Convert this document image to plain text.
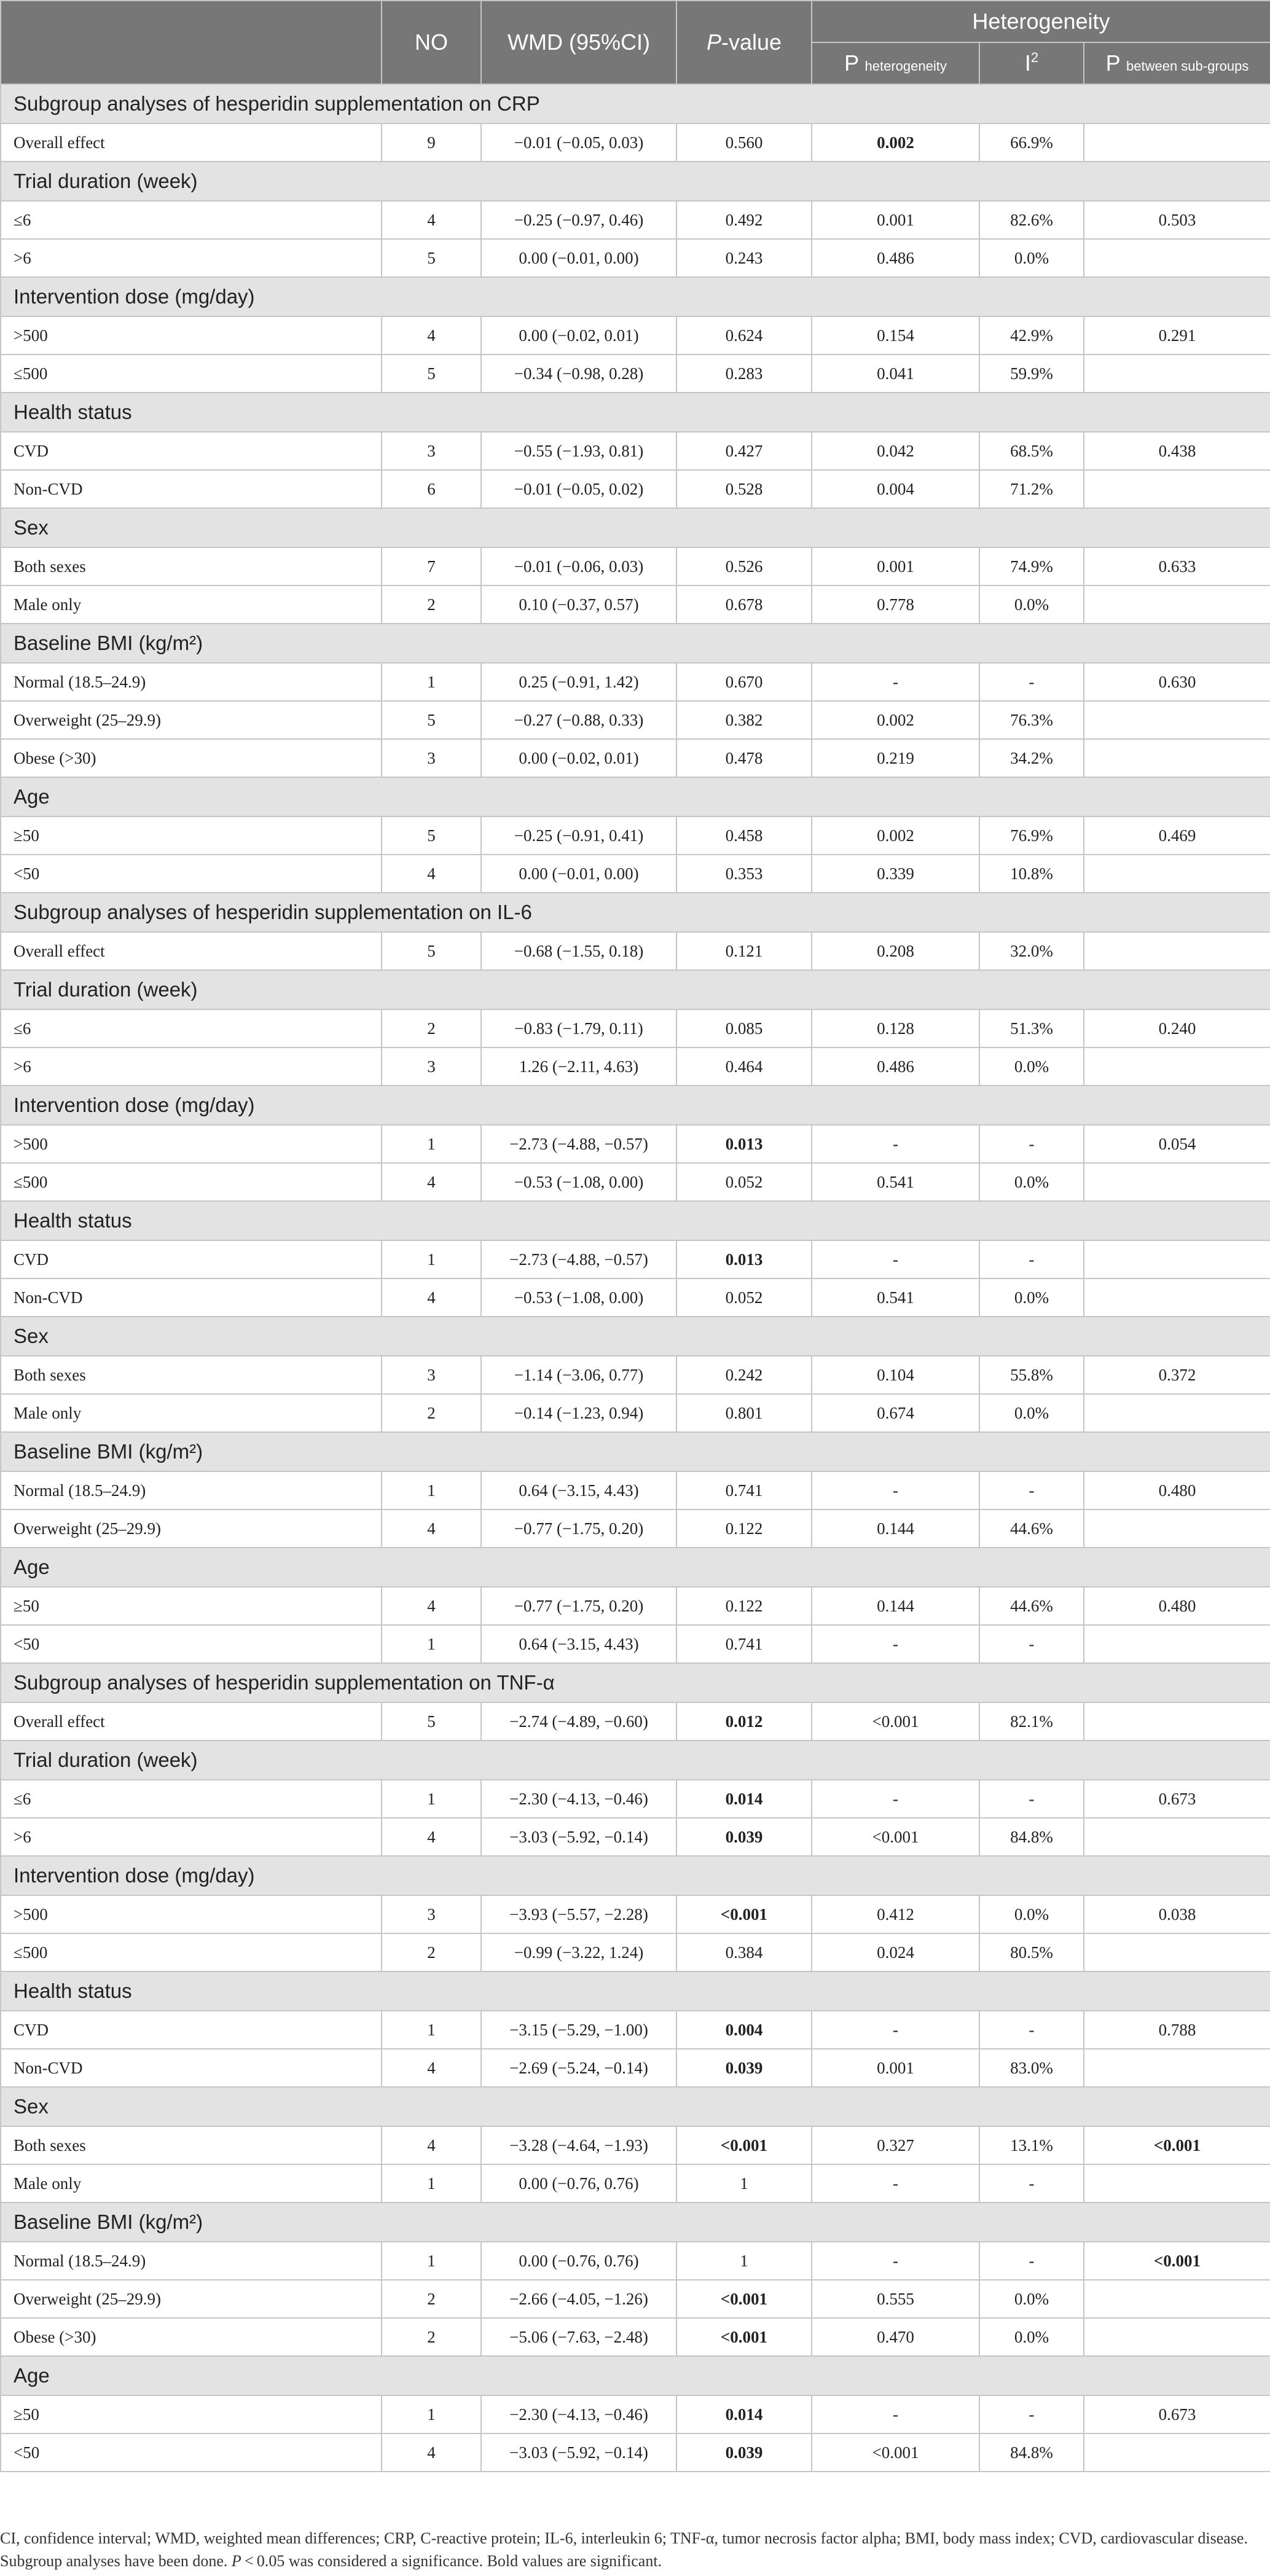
	NO	WMD (95%CI)	P-value	Heterogeneity		
				P heterogeneity	$I^2$	P between sub-groups
Subgroup analyses of hesperidin supplementation on CRP						
Overall effect	9	−0.01 (−0.05, 0.03)	0.560	0.002	66.9%	
Trial duration (week)						
≤6	4	−0.25 (−0.97, 0.46)	0.492	0.001	82.6%	0.503
>6	5	0.00 (−0.01, 0.00)	0.243	0.486	0.0%	
Intervention dose (mg/day)						
>500	4	0.00 (−0.02, 0.01)	0.624	0.154	42.9%	0.291
≤500	5	−0.34 (−0.98, 0.28)	0.283	0.041	59.9%	
Health status						
CVD	3	−0.55 (−1.93, 0.81)	0.427	0.042	68.5%	0.438
Non-CVD	6	−0.01 (−0.05, 0.02)	0.528	0.004	71.2%	
Sex						
Both sexes	7	−0.01 (−0.06, 0.03)	0.526	0.001	74.9%	0.633
Male only	2	0.10 (−0.37, 0.57)	0.678	0.778	0.0%	
Baseline BMI (kg/m²)						
Normal (18.5–24.9)	1	0.25 (−0.91, 1.42)	0.670	-	-	0.630
Overweight (25–29.9)	5	−0.27 (−0.88, 0.33)	0.382	0.002	76.3%	
Obese (>30)	3	0.00 (−0.02, 0.01)	0.478	0.219	34.2%	
Age						
≥50	5	−0.25 (−0.91, 0.41)	0.458	0.002	76.9%	0.469
<50	4	0.00 (−0.01, 0.00)	0.353	0.339	10.8%	
Subgroup analyses of hesperidin supplementation on IL-6						
Overall effect	5	−0.68 (−1.55, 0.18)	0.121	0.208	32.0%	
Trial duration (week)						
≤6	2	−0.83 (−1.79, 0.11)	0.085	0.128	51.3%	0.240
>6	3	1.26 (−2.11, 4.63)	0.464	0.486	0.0%	
Intervention dose (mg/day)						
>500	1	−2.73 (−4.88, −0.57)	0.013	-	-	0.054
≤500	4	−0.53 (−1.08, 0.00)	0.052	0.541	0.0%	
Health status						
CVD	1	−2.73 (−4.88, −0.57)	0.013	-	-	
Non-CVD	4	−0.53 (−1.08, 0.00)	0.052	0.541	0.0%	
Sex						
Both sexes	3	−1.14 (−3.06, 0.77)	0.242	0.104	55.8%	0.372
Male only	2	−0.14 (−1.23, 0.94)	0.801	0.674	0.0%	
Baseline BMI (kg/m²)						
Normal (18.5–24.9)	1	0.64 (−3.15, 4.43)	0.741	-	-	0.480
Overweight (25–29.9)	4	−0.77 (−1.75, 0.20)	0.122	0.144	44.6%	
Age						
≥50	4	−0.77 (−1.75, 0.20)	0.122	0.144	44.6%	0.480
<50	1	0.64 (−3.15, 4.43)	0.741	-	-	
Subgroup analyses of hesperidin supplementation on TNF-α						
Overall effect	5	−2.74 (−4.89, −0.60)	0.012	<0.001	82.1%	
Trial duration (week)						
≤6	1	−2.30 (−4.13, −0.46)	0.014	-	-	0.673
>6	4	−3.03 (−5.92, −0.14)	0.039	<0.001	84.8%	
Intervention dose (mg/day)						
>500	3	−3.93 (−5.57, −2.28)	<0.001	0.412	0.0%	0.038
≤500	2	−0.99 (−3.22, 1.24)	0.384	0.024	80.5%	
Health status						
CVD	1	−3.15 (−5.29, −1.00)	0.004	-	-	0.788
Non-CVD	4	−2.69 (−5.24, −0.14)	0.039	0.001	83.0%	
Sex						
Both sexes	4	−3.28 (−4.64, −1.93)	<0.001	0.327	13.1%	<0.001
Male only	1	0.00 (−0.76, 0.76)	1	-	-	
Baseline BMI (kg/m²)						
Normal (18.5–24.9)	1	0.00 (−0.76, 0.76)	1	-	-	<0.001
Overweight (25–29.9)	2	−2.66 (−4.05, −1.26)	<0.001	0.555	0.0%	
Obese (>30)	2	−5.06 (−7.63, −2.48)	<0.001	0.470	0.0%	
Age						
≥50	1	−2.30 (−4.13, −0.46)	0.014	-	-	0.673
<50	4	−3.03 (−5.92, −0.14)	0.039	<0.001	84.8%	
CI, confidence interval; WMD, weighted mean differences; CRP, C-reactive protein; IL-6, interleukin 6; TNF-α, tumor necrosis factor alpha; BMI, body mass index; CVD, cardiovascular disease. Subgroup analyses have been done. P < 0.05 was considered a significance. Bold values are significant.
